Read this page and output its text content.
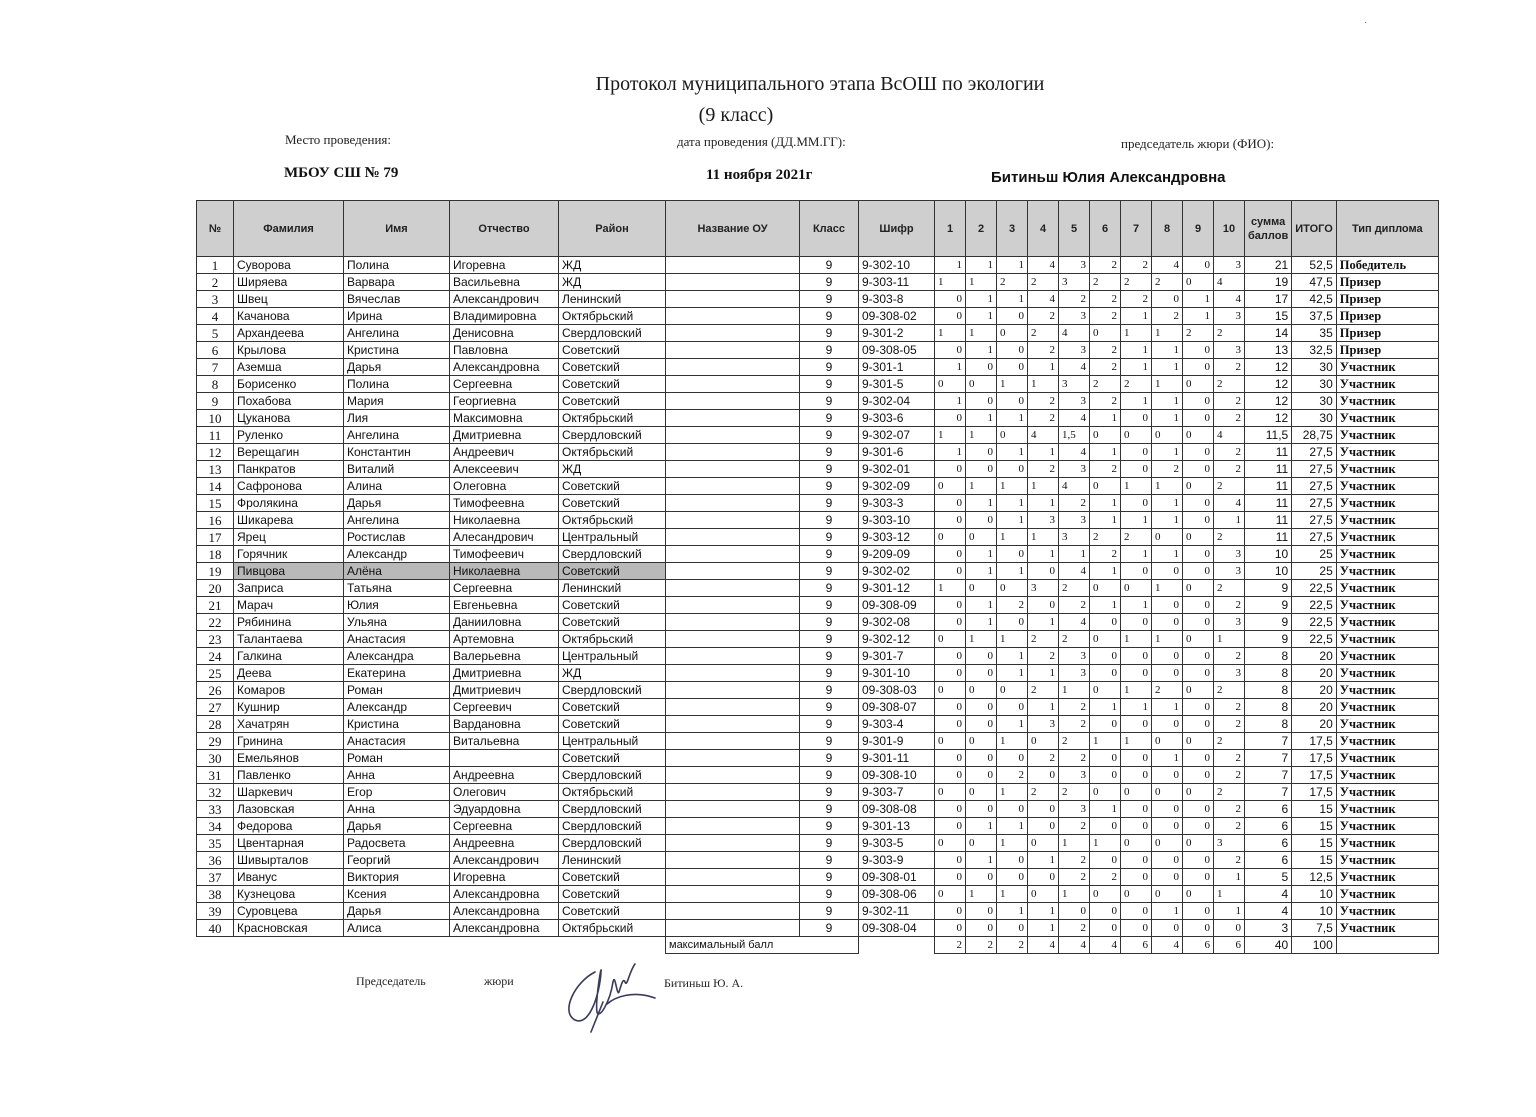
·
Протокол муниципального этапа ВсОШ по экологии
(9 класс)
Место проведения:	дата проведения (ДД.ММ.ГГ):	председатель жюри (ФИО):
МБОУ СШ № 79	11 ноября 2021г	Битиньш Юлия Александровна
№	Фамилия	Имя	Отчество	Район	Название ОУ	Класс	Шифр	1	2	3	4	5	6	7	8	9	10	сумма баллов	ИТОГО	Тип диплома
1	Суворова	Полина	Игоревна	ЖД		9	9-302-10	1	1	1	4	3	2	2	4	0	3	21	52,5	Победитель
2	Ширяева	Варвара	Васильевна	ЖД		9	9-303-11	1	1	2	2	3	2	2	2	0	4	19	47,5	Призер
3	Швец	Вячеслав	Александрович	Ленинский		9	9-303-8	0	1	1	4	2	2	2	0	1	4	17	42,5	Призер
4	Качанова	Ирина	Владимировна	Октябрьский		9	09-308-02	0	1	0	2	3	2	1	2	1	3	15	37,5	Призер
5	Архандеева	Ангелина	Денисовна	Свердловский		9	9-301-2	1	1	0	2	4	0	1	1	2	2	14	35	Призер
6	Крылова	Кристина	Павловна	Советский		9	09-308-05	0	1	0	2	3	2	1	1	0	3	13	32,5	Призер
7	Аземша	Дарья	Александровна	Советский		9	9-301-1	1	0	0	1	4	2	1	1	0	2	12	30	Участник
8	Борисенко	Полина	Сергеевна	Советский		9	9-301-5	0	0	1	1	3	2	2	1	0	2	12	30	Участник
9	Похабова	Мария	Георгиевна	Советский		9	9-302-04	1	0	0	2	3	2	1	1	0	2	12	30	Участник
10	Цуканова	Лия	Максимовна	Октябрьский		9	9-303-6	0	1	1	2	4	1	0	1	0	2	12	30	Участник
11	Руленко	Ангелина	Дмитриевна	Свердловский		9	9-302-07	1	1	0	4	1,5	0	0	0	0	4	11,5	28,75	Участник
12	Верещагин	Константин	Андреевич	Октябрьский		9	9-301-6	1	0	1	1	4	1	0	1	0	2	11	27,5	Участник
13	Панкратов	Виталий	Алексеевич	ЖД		9	9-302-01	0	0	0	2	3	2	0	2	0	2	11	27,5	Участник
14	Сафронова	Алина	Олеговна	Советский		9	9-302-09	0	1	1	1	4	0	1	1	0	2	11	27,5	Участник
15	Фролякина	Дарья	Тимофеевна	Советский		9	9-303-3	0	1	1	1	2	1	0	1	0	4	11	27,5	Участник
16	Шикарева	Ангелина	Николаевна	Октябрьский		9	9-303-10	0	0	1	3	3	1	1	1	0	1	11	27,5	Участник
17	Ярец	Ростислав	Алесандрович	Центральный		9	9-303-12	0	0	1	1	3	2	2	0	0	2	11	27,5	Участник
18	Горячник	Александр	Тимофеевич	Свердловский		9	9-209-09	0	1	0	1	1	2	1	1	0	3	10	25	Участник
19	Пивцова	Алёна	Николаевна	Советский		9	9-302-02	0	1	1	0	4	1	0	0	0	3	10	25	Участник
20	Заприса	Татьяна	Сергеевна	Ленинский		9	9-301-12	1	0	0	3	2	0	0	1	0	2	9	22,5	Участник
21	Марач	Юлия	Евгеньевна	Советский		9	09-308-09	0	1	2	0	2	1	1	0	0	2	9	22,5	Участник
22	Рябинина	Ульяна	Данииловна	Советский		9	9-302-08	0	1	0	1	4	0	0	0	0	3	9	22,5	Участник
23	Талантаева	Анастасия	Артемовна	Октябрьский		9	9-302-12	0	1	1	2	2	0	1	1	0	1	9	22,5	Участник
24	Галкина	Александра	Валерьевна	Центральный		9	9-301-7	0	0	1	2	3	0	0	0	0	2	8	20	Участник
25	Деева	Екатерина	Дмитриевна	ЖД		9	9-301-10	0	0	1	1	3	0	0	0	0	3	8	20	Участник
26	Комаров	Роман	Дмитриевич	Свердловский		9	09-308-03	0	0	0	2	1	0	1	2	0	2	8	20	Участник
27	Кушнир	Александр	Сергеевич	Советский		9	09-308-07	0	0	0	1	2	1	1	1	0	2	8	20	Участник
28	Хачатрян	Кристина	Вардановна	Советский		9	9-303-4	0	0	1	3	2	0	0	0	0	2	8	20	Участник
29	Гринина	Анастасия	Витальевна	Центральный		9	9-301-9	0	0	1	0	2	1	1	0	0	2	7	17,5	Участник
30	Емельянов	Роман		Советский		9	9-301-11	0	0	0	2	2	0	0	1	0	2	7	17,5	Участник
31	Павленко	Анна	Андреевна	Свердловский		9	09-308-10	0	0	2	0	3	0	0	0	0	2	7	17,5	Участник
32	Шаркевич	Егор	Олегович	Октябрьский		9	9-303-7	0	0	1	2	2	0	0	0	0	2	7	17,5	Участник
33	Лазовская	Анна	Эдуардовна	Свердловский		9	09-308-08	0	0	0	0	3	1	0	0	0	2	6	15	Участник
34	Федорова	Дарья	Сергеевна	Свердловский		9	9-301-13	0	1	1	0	2	0	0	0	0	2	6	15	Участник
35	Цвентарная	Радосвета	Андреевна	Свердловский		9	9-303-5	0	0	1	0	1	1	0	0	0	3	6	15	Участник
36	Шивырталов	Георгий	Александрович	Ленинский		9	9-303-9	0	1	0	1	2	0	0	0	0	2	6	15	Участник
37	Иванус	Виктория	Игоревна	Советский		9	09-308-01	0	0	0	0	2	2	0	0	0	1	5	12,5	Участник
38	Кузнецова	Ксения	Александровна	Советский		9	09-308-06	0	1	1	0	1	0	0	0	0	1	4	10	Участник
39	Суровцева	Дарья	Александровна	Советский		9	9-302-11	0	0	1	1	0	0	0	1	0	1	4	10	Участник
40	Красновская	Алиса	Александровна	Октябрьский		9	09-308-04	0	0	0	1	2	0	0	0	0	0	3	7,5	Участник
					максимальный балл			2	2	2	4	4	4	6	4	6	6	40	100	
Председатель	жюри	Битиньш Ю. А.
